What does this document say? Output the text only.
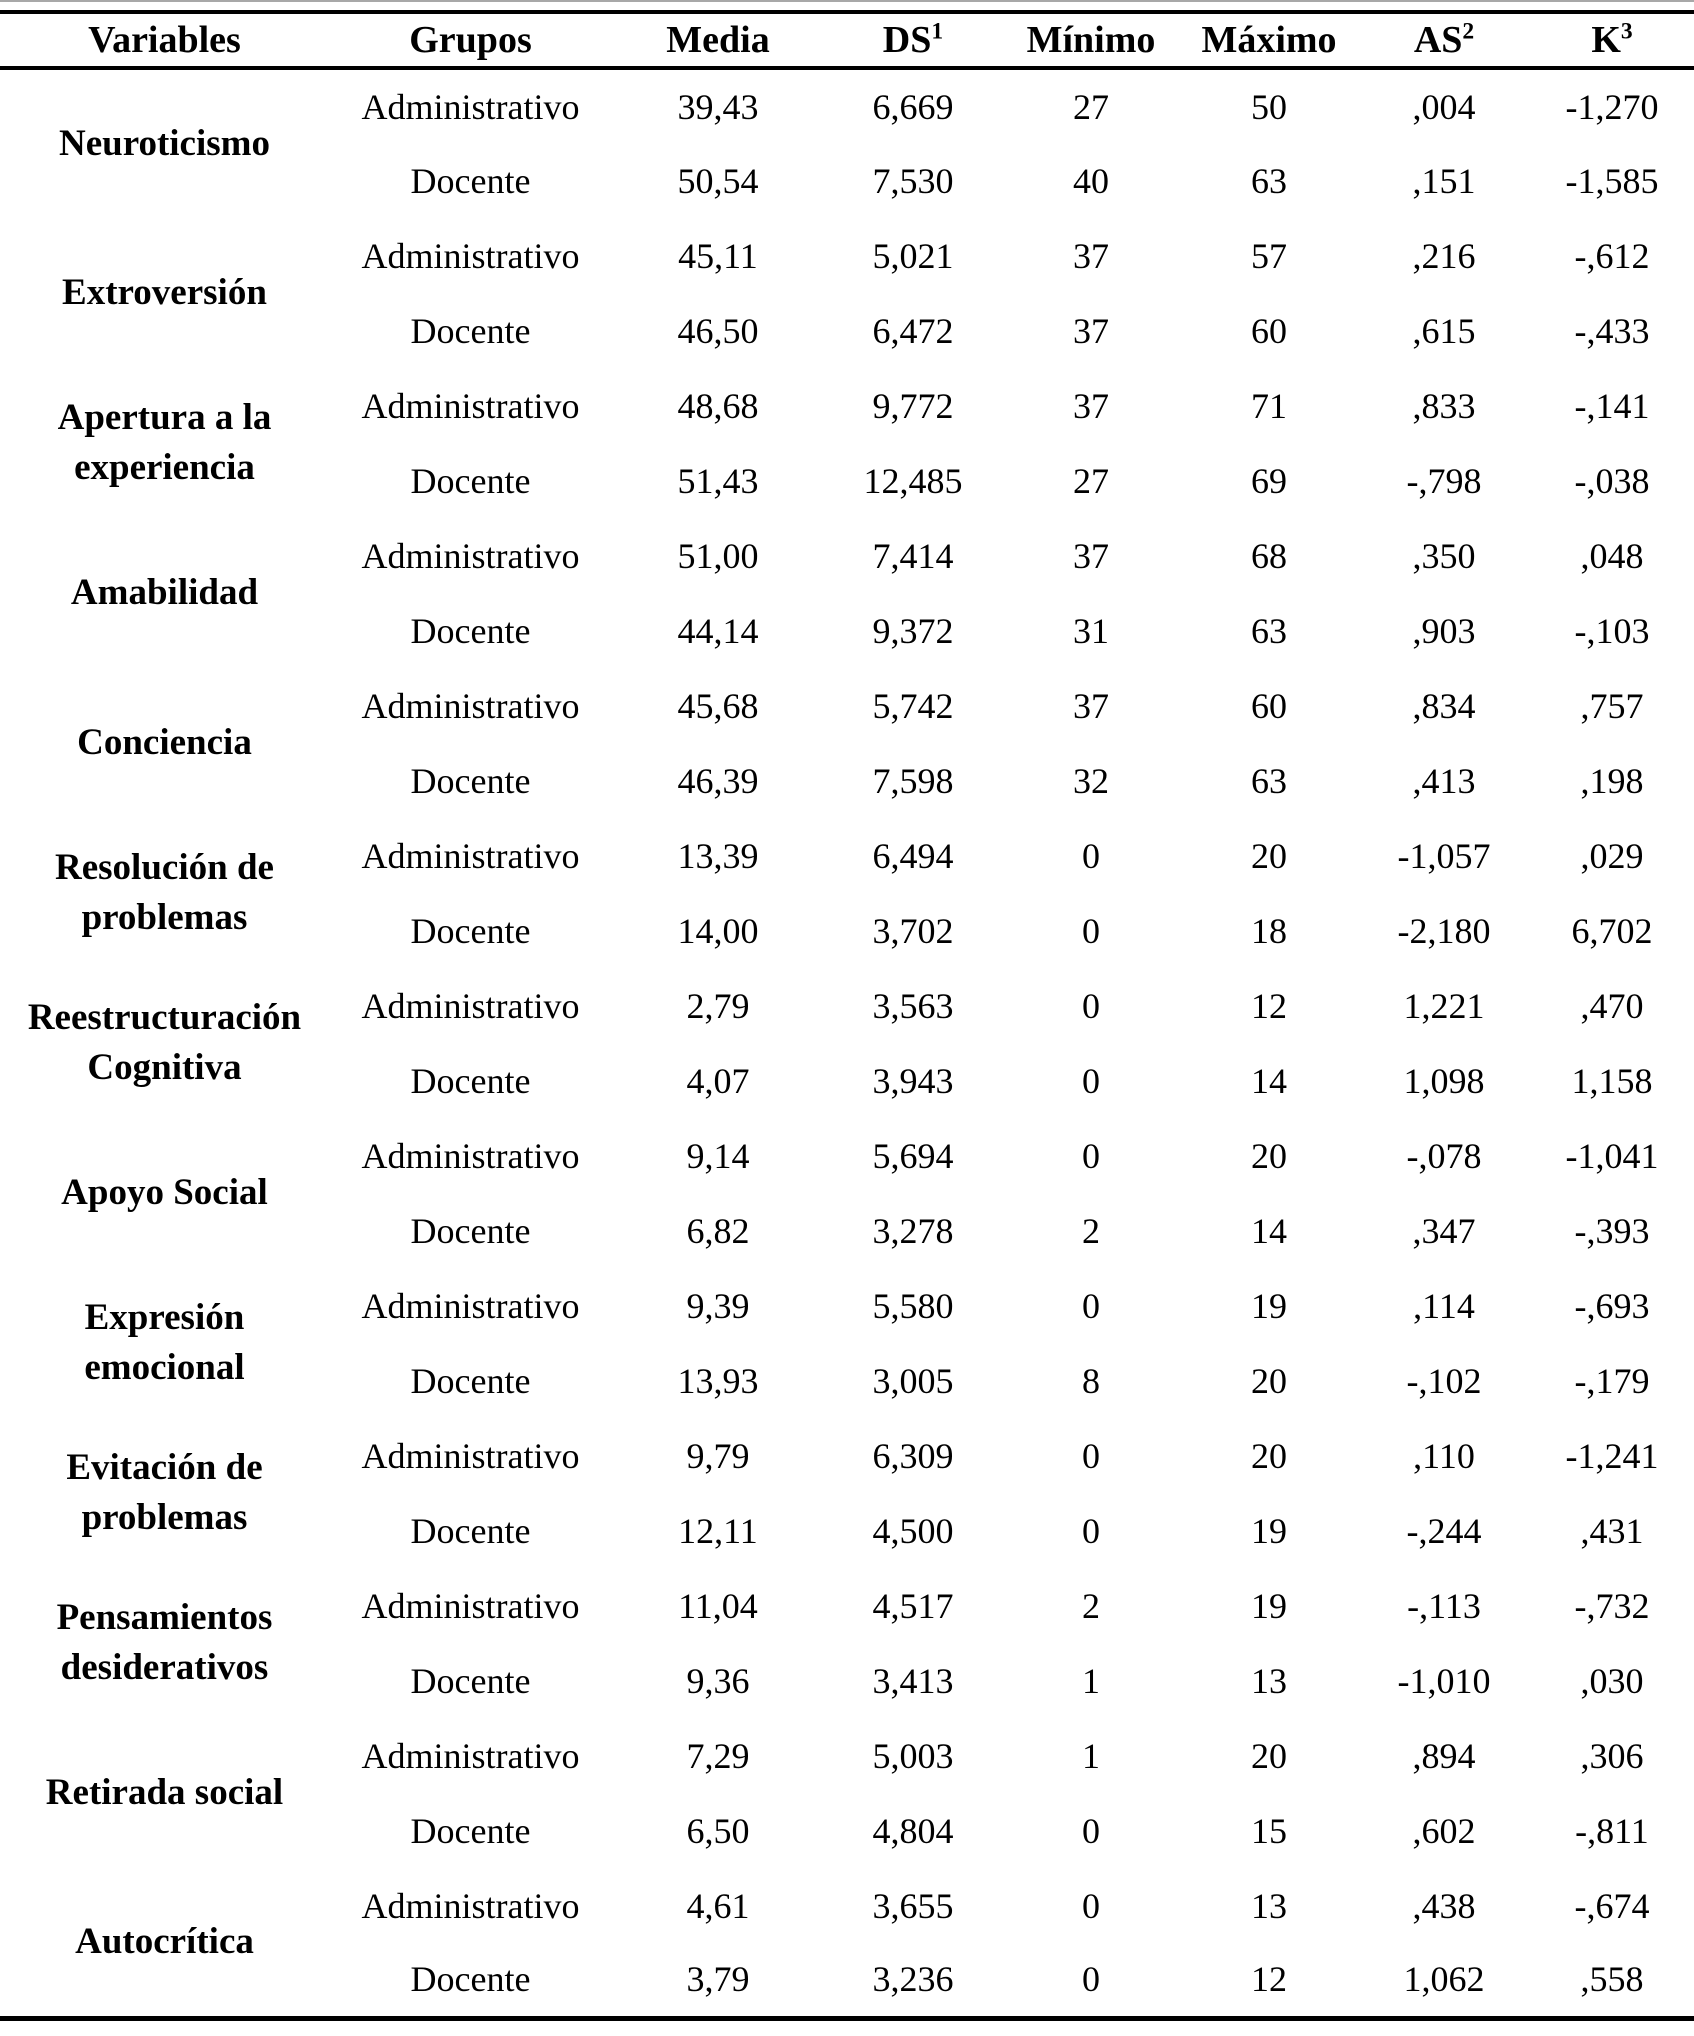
Variables	Grupos	Media	$DS^1$	Mínimo	Máximo	$AS^2$	$K^3$

Neuroticismo	Administrativo	39,43	6,669	27	50	,004	-1,270
	Docente	50,54	7,530	40	63	,151	-1,585

Extroversión	Administrativo	45,11	5,021	37	57	,216	-,612
	Docente	46,50	6,472	37	60	,615	-,433

Apertura a la
experiencia	Administrativo	48,68	9,772	37	71	,833	-,141
	Docente	51,43	12,485	27	69	-,798	-,038

Amabilidad	Administrativo	51,00	7,414	37	68	,350	,048
	Docente	44,14	9,372	31	63	,903	-,103

Conciencia	Administrativo	45,68	5,742	37	60	,834	,757
	Docente	46,39	7,598	32	63	,413	,198

Resolución de
problemas	Administrativo	13,39	6,494	0	20	-1,057	,029
	Docente	14,00	3,702	0	18	-2,180	6,702

Reestructuración
Cognitiva	Administrativo	2,79	3,563	0	12	1,221	,470
	Docente	4,07	3,943	0	14	1,098	1,158

Apoyo Social	Administrativo	9,14	5,694	0	20	-,078	-1,041
	Docente	6,82	3,278	2	14	,347	-,393

Expresión
emocional	Administrativo	9,39	5,580	0	19	,114	-,693
	Docente	13,93	3,005	8	20	-,102	-,179

Evitación de
problemas	Administrativo	9,79	6,309	0	20	,110	-1,241
	Docente	12,11	4,500	0	19	-,244	,431

Pensamientos
desiderativos	Administrativo	11,04	4,517	2	19	-,113	-,732
	Docente	9,36	3,413	1	13	-1,010	,030

Retirada social	Administrativo	7,29	5,003	1	20	,894	,306
	Docente	6,50	4,804	0	15	,602	-,811

Autocrítica	Administrativo	4,61	3,655	0	13	,438	-,674
	Docente	3,79	3,236	0	12	1,062	,558
